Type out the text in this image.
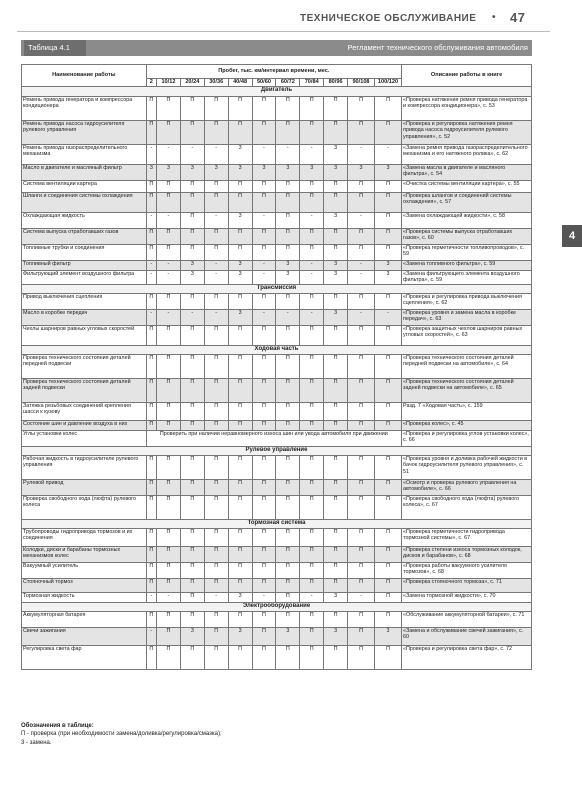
ТЕХНИЧЕСКОЕ ОБСЛУЖИВАНИЕ • 47
4
Таблица 4.1	Регламент технического обслуживания автомобиля
Наименование работы	Пробег, тыс. км/интервал времени, мес.											Описание работы в книге
	2	10/12	20/24	30/36	40/48	50/60	60/72	70/84	80/96	90/108	100/120	
Двигатель												
Ремень привода генератора и компрессора кондиционера	П	П	П	П	П	П	П	П	П	П	П	«Проверка натяжения ремня привода генератора и компрессора кондиционера», с. 53
Ремень привода насоса гидроусилителя рулевого управления	П	П	П	П	П	П	П	П	П	П	П	«Проверка и регулировка натяжения ремня привода насоса гидроусилителя рулевого управления», с. 52
Ремень привода газораспределительного механизма	-	-	-	-	3	-	-	-	3	-	-	«Замена ремня привода газораспределительного механизма и его натяжного ролика», с. 62
Масло в двигателе и масляный фильтр	3	3	3	3	3	3	3	3	3	3	3	«Замена масла в двигателе и масляного фильтра», с. 54
Система вентиляции картера	П	П	П	П	П	П	П	П	П	П	П	«Очистка системы вентиляции картера», с. 55
Шланги и соединения системы охлаждения	П	П	П	П	П	П	П	П	П	П	П	«Проверка шлангов и соединений системы охлаждения», с. 57
Охлаждающая жидкость	-	-	П	-	3	-	П	-	3	-	П	«Замена охлаждающей жидкости», с. 58
Система выпуска отработавших газов	П	П	П	П	П	П	П	П	П	П	П	«Проверка системы выпуска отработавших газов», с. 60
Топливные трубки и соединения	П	П	П	П	П	П	П	П	П	П	П	«Проверка герметичности топливопроводов», с. 59
Топливный фильтр	-	-	3	-	3	-	3	-	3	-	3	«Замена топливного фильтра», с. 59
Фильтрующий элемент воздушного фильтра	-	-	3	-	3	-	3	-	3	-	3	«Замена фильтрующего элемента воздушного фильтра», с. 59
Трансмиссия												
Привод выключения сцепления	П	П	П	П	П	П	П	П	П	П	П	«Проверка и регулировка привода выключения сцепления», с. 62
Масло в коробке передач	-	-	-	-	3	-	-	-	3	-	-	«Проверка уровня и замена масла в коробке передач», с. 63
Чехлы шарниров равных угловых скоростей	П	П	П	П	П	П	П	П	П	П	П	«Проверка защитных чехлов шарниров равных угловых скоростей», с. 63
Ходовая часть												
Проверка технического состояния деталей передней подвески	П	П	П	П	П	П	П	П	П	П	П	«Проверка технического состояния деталей передней подвески на автомобиле», с. 64
Проверка технического состояния деталей задней подвески	П	П	П	П	П	П	П	П	П	П	П	«Проверка технического состояния деталей задней подвески на автомобиле», с. 65
Затяжка резьбовых соединений крепления шасси к кузову	П	П	П	П	П	П	П	П	П	П	П	Разд. 7 «Ходовая часть», с. 159
Состояние шин и давление воздуха в них	П	П	П	П	П	П	П	П	П	П	П	«Проверка колес», с. 45
Углы установки колес	Проверить при наличии неравномерного износа шин или увода автомобиля при движении											«Проверка и регулировка углов установки колес», с. 66
Рулевое управление												
Рабочая жидкость в гидроусилителе рулевого управления	П	П	П	П	П	П	П	П	П	П	П	«Проверка уровня и доливка рабочей жидкости в бачок гидроусилителя рулевого управления», с. 51
Рулевой привод	П	П	П	П	П	П	П	П	П	П	П	«Осмотр и проверка рулевого управления на автомобиле», с. 66
Проверка свободного хода (люфта) рулевого колеса	П	П	П	П	П	П	П	П	П	П	П	«Проверка свободного хода (люфта) рулевого колеса», с. 67
Тормозная система												
Трубопроводы гидропривода тормозов и их соединения	П	П	П	П	П	П	П	П	П	П	П	«Проверка герметичности гидропривода тормозной системы», с. 67
Колодки, диски и барабаны тормозных механизмов колес	П	П	П	П	П	П	П	П	П	П	П	«Проверка степени износа тормозных колодок, дисков и барабанов», с. 68
Вакуумный усилитель	П	П	П	П	П	П	П	П	П	П	П	«Проверка работы вакуумного усилителя тормозов», с. 68
Стояночный тормоз	П	П	П	П	П	П	П	П	П	П	П	«Проверка стояночного тормоза», с. 71
Тормозная жидкость	-	-	П	-	3	-	П	-	3	-	П	«Замена тормозной жидкости», с. 70
Электрооборудование												
Аккумуляторная батарея	П	П	П	П	П	П	П	П	П	П	П	«Обслуживание аккумуляторной батареи», с. 71
Свечи зажигания	-	П	3	П	3	П	3	П	3	П	3	«Замена и обслуживание свечей зажигания», с. 60
Регулировка света фар	П	П	П	П	П	П	П	П	П	П	П	«Проверка и регулировка света фар», с. 72
Обозначения в таблице:
П - проверка (при необходимости замена/доливка/регулировка/смазка);
3 - замена.
